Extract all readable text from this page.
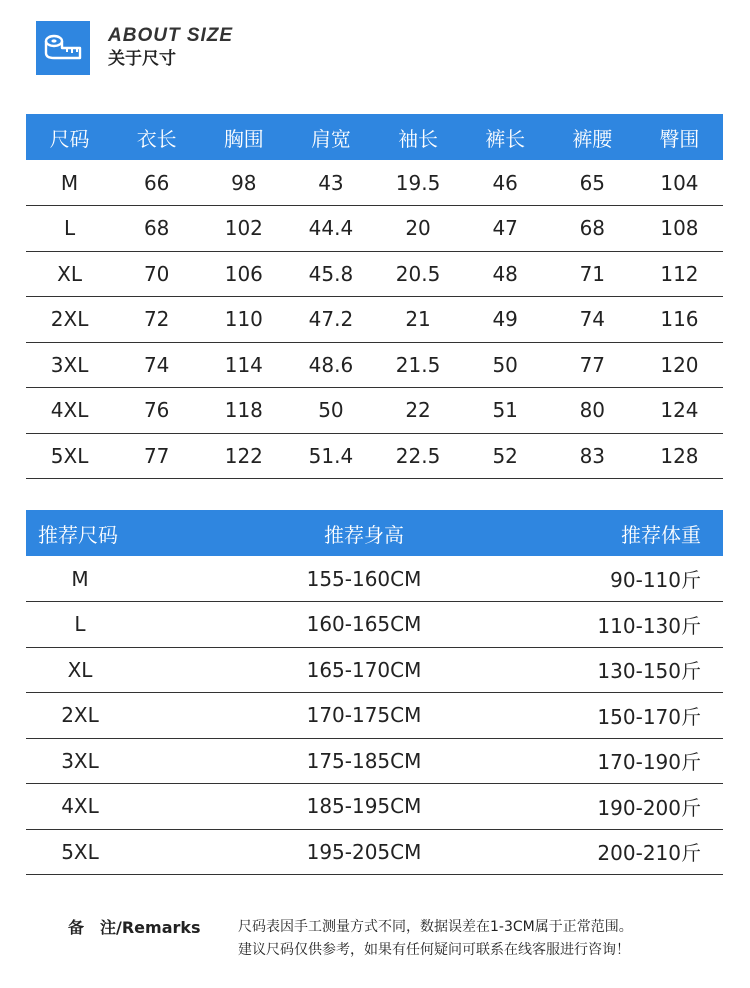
ABOUT SIZE
关于尺寸
尺码	衣长	胸围	肩宽	袖长	裤长	裤腰	臀围
M	66	98	43	19.5	46	65	104
L	68	102	44.4	20	47	68	108
XL	70	106	45.8	20.5	48	71	112
2XL	72	110	47.2	21	49	74	116
3XL	74	114	48.6	21.5	50	77	120
4XL	76	118	50	22	51	80	124
5XL	77	122	51.4	22.5	52	83	128
推荐尺码	推荐身高	推荐体重
M	155-160CM	90-110斤
L	160-165CM	110-130斤
XL	165-170CM	130-150斤
2XL	170-175CM	150-170斤
3XL	175-185CM	170-190斤
4XL	185-195CM	190-200斤
5XL	195-205CM	200-210斤
备　注/Remarks	尺码表因手工测量方式不同，数据误差在1-3CM属于正常范围。
建议尺码仅供参考，如果有任何疑问可联系在线客服进行咨询！
